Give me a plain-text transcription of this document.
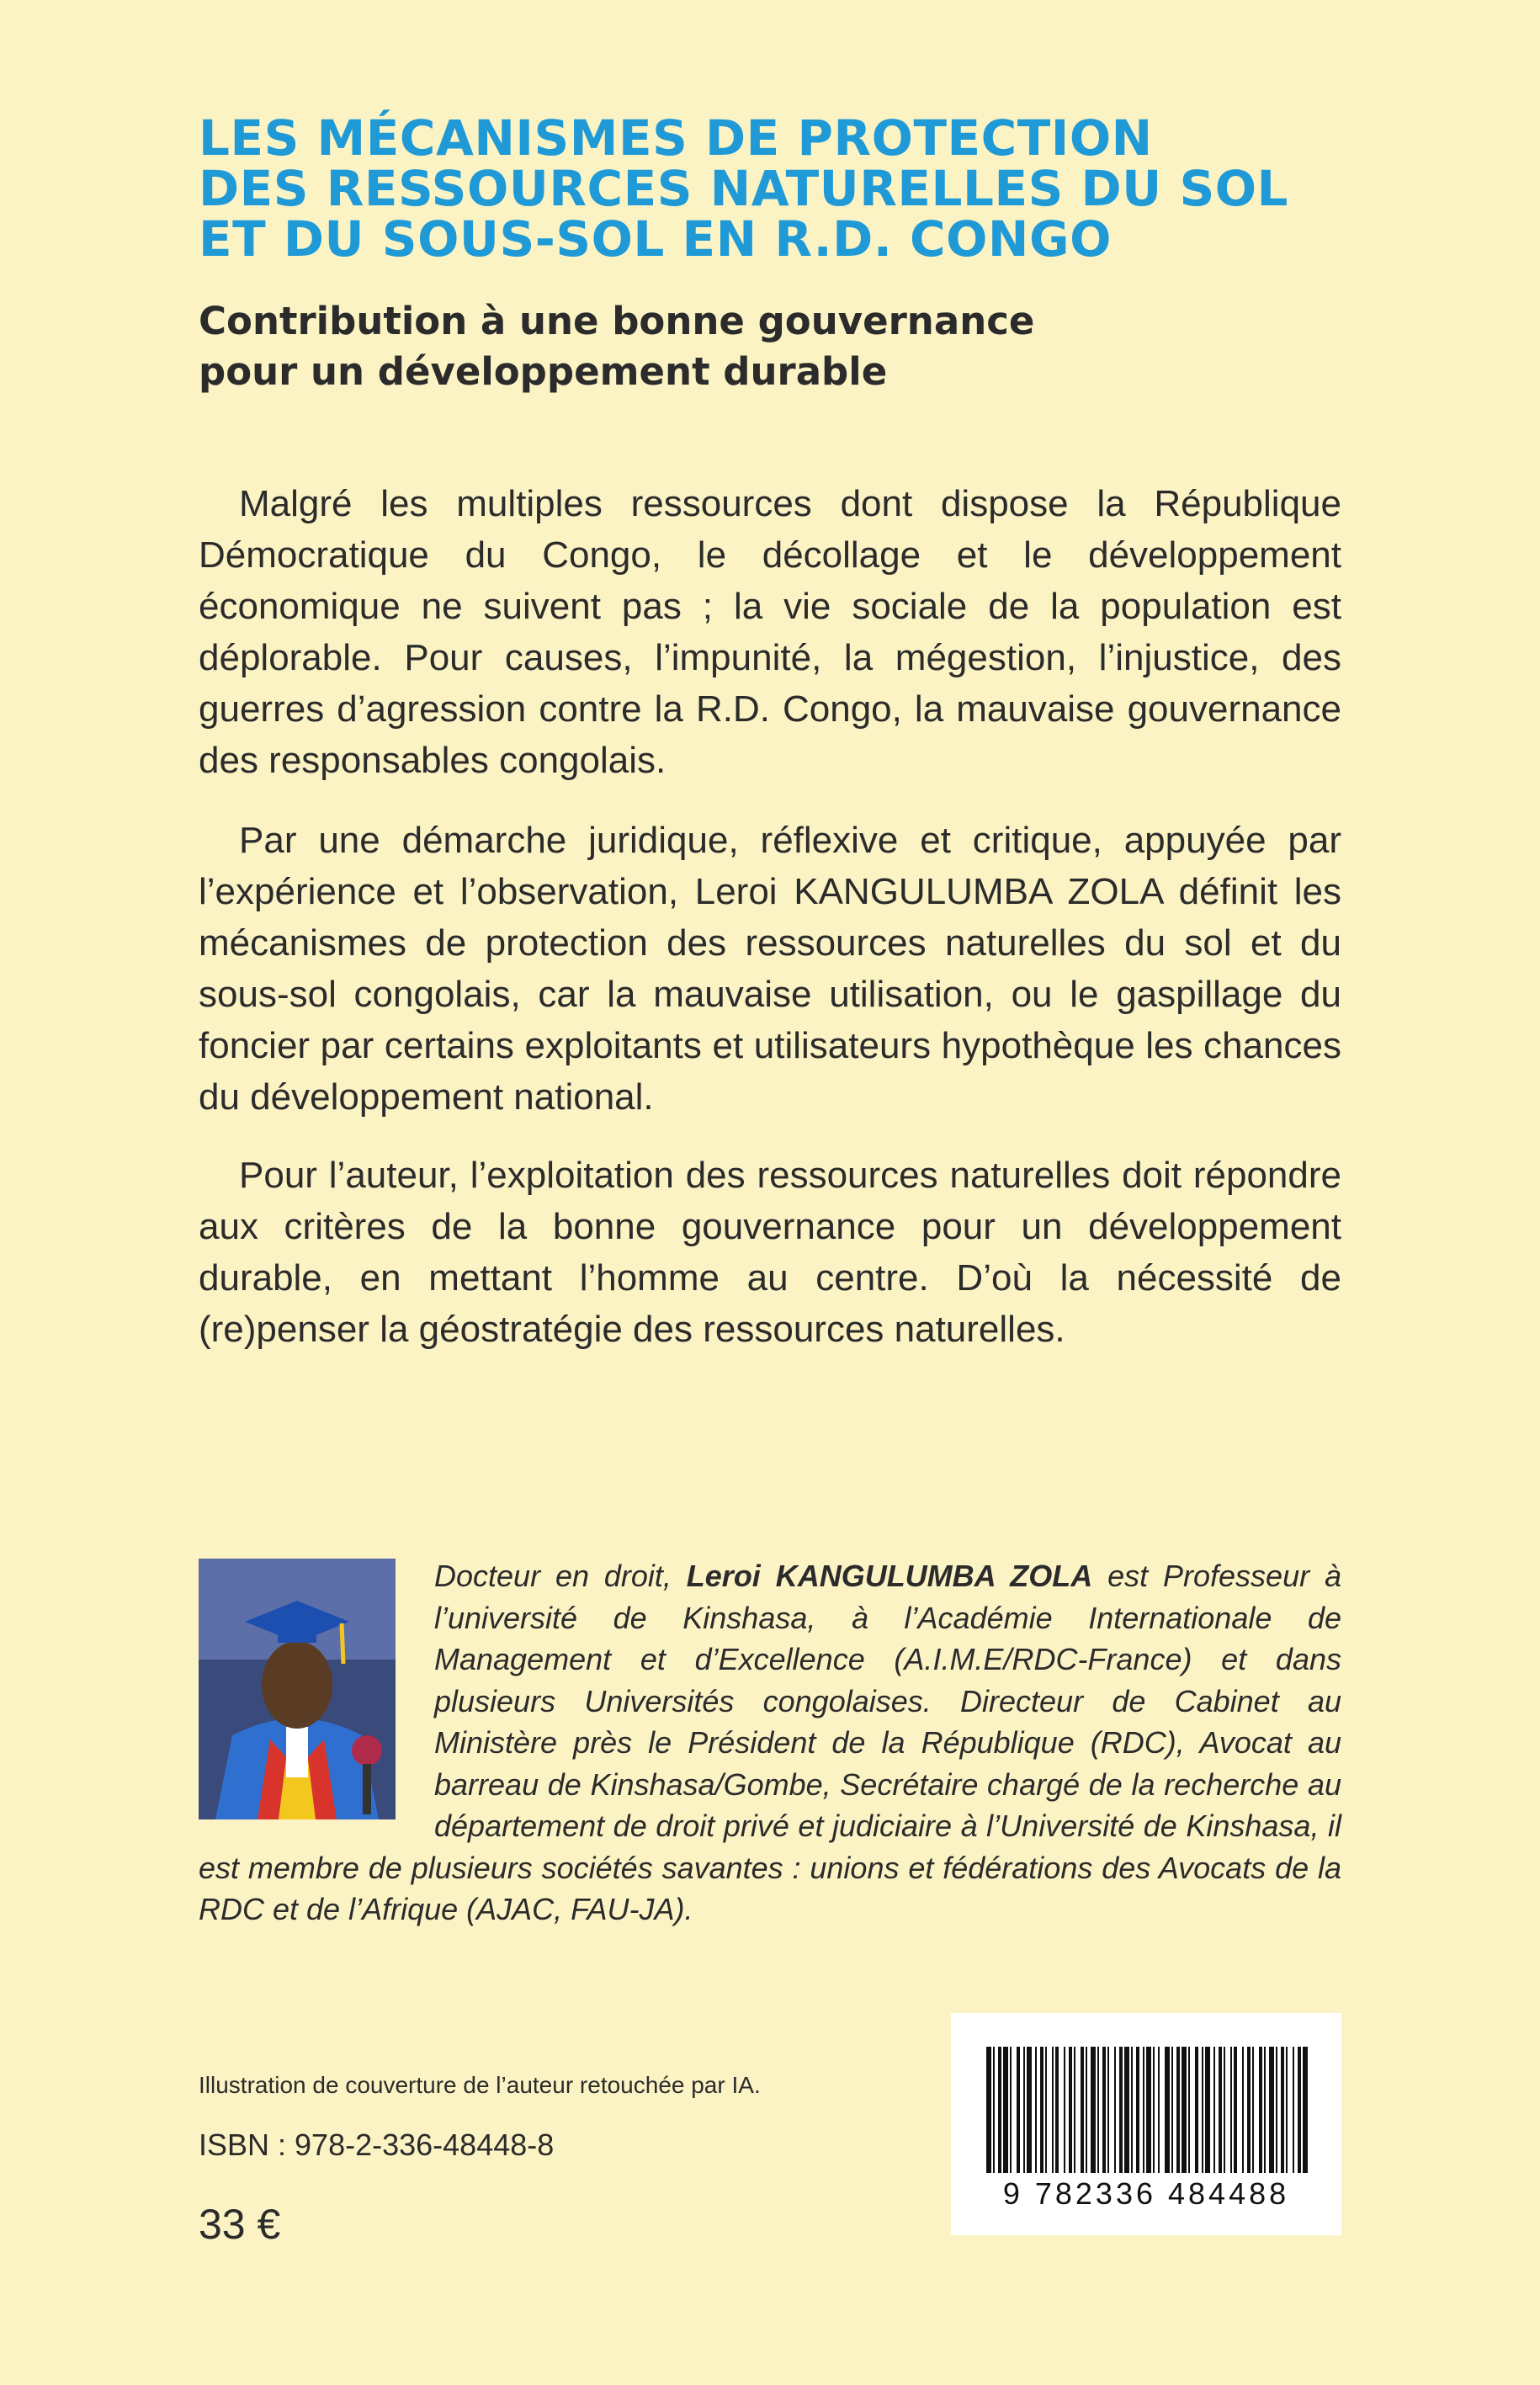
LES MÉCANISMES DE PROTECTION
DES RESSOURCES NATURELLES DU SOL
ET DU SOUS-SOL EN R.D. CONGO
Contribution à une bonne gouvernance
pour un développement durable

Malgré les multiples ressources dont dispose la République Démocratique du Congo, le décollage et le développement économique ne suivent pas ; la vie sociale de la population est déplorable. Pour causes, l’impunité, la mégestion, l’injustice, des guerres d’agression contre la R.D. Congo, la mauvaise gouvernance des responsables congolais.

Par une démarche juridique, réflexive et critique, appuyée par l’expérience et l’observation, Leroi KANGULUMBA ZOLA définit les mécanismes de protection des ressources naturelles du sol et du sous-sol congolais, car la mauvaise utilisation, ou le gaspillage du foncier par certains exploitants et utilisateurs hypothèque les chances du développement national.

Pour l’auteur, l’exploitation des ressources naturelles doit répondre aux critères de la bonne gouvernance pour un développement durable, en mettant l’homme au centre. D’où la nécessité de (re)penser la géostratégie des ressources naturelles.

Docteur en droit, Leroi KANGULUMBA ZOLA est Professeur à l’université de Kinshasa, à l’Académie Internationale de Management et d’Excellence (A.I.M.E/RDC-France) et dans plusieurs Universités congolaises. Directeur de Cabinet au Ministère près le Président de la République (RDC), Avocat au barreau de Kinshasa/Gombe, Secrétaire chargé de la recherche au département de droit privé et judiciaire à l’Université de Kinshasa, il est membre de plusieurs sociétés savantes : unions et fédérations des Avocats de la RDC et de l’Afrique (AJAC, FAU-JA).

Illustration de couverture de l’auteur retouchée par IA.

ISBN : 978-2-336-48448-8

33 €

9 782336 484488
